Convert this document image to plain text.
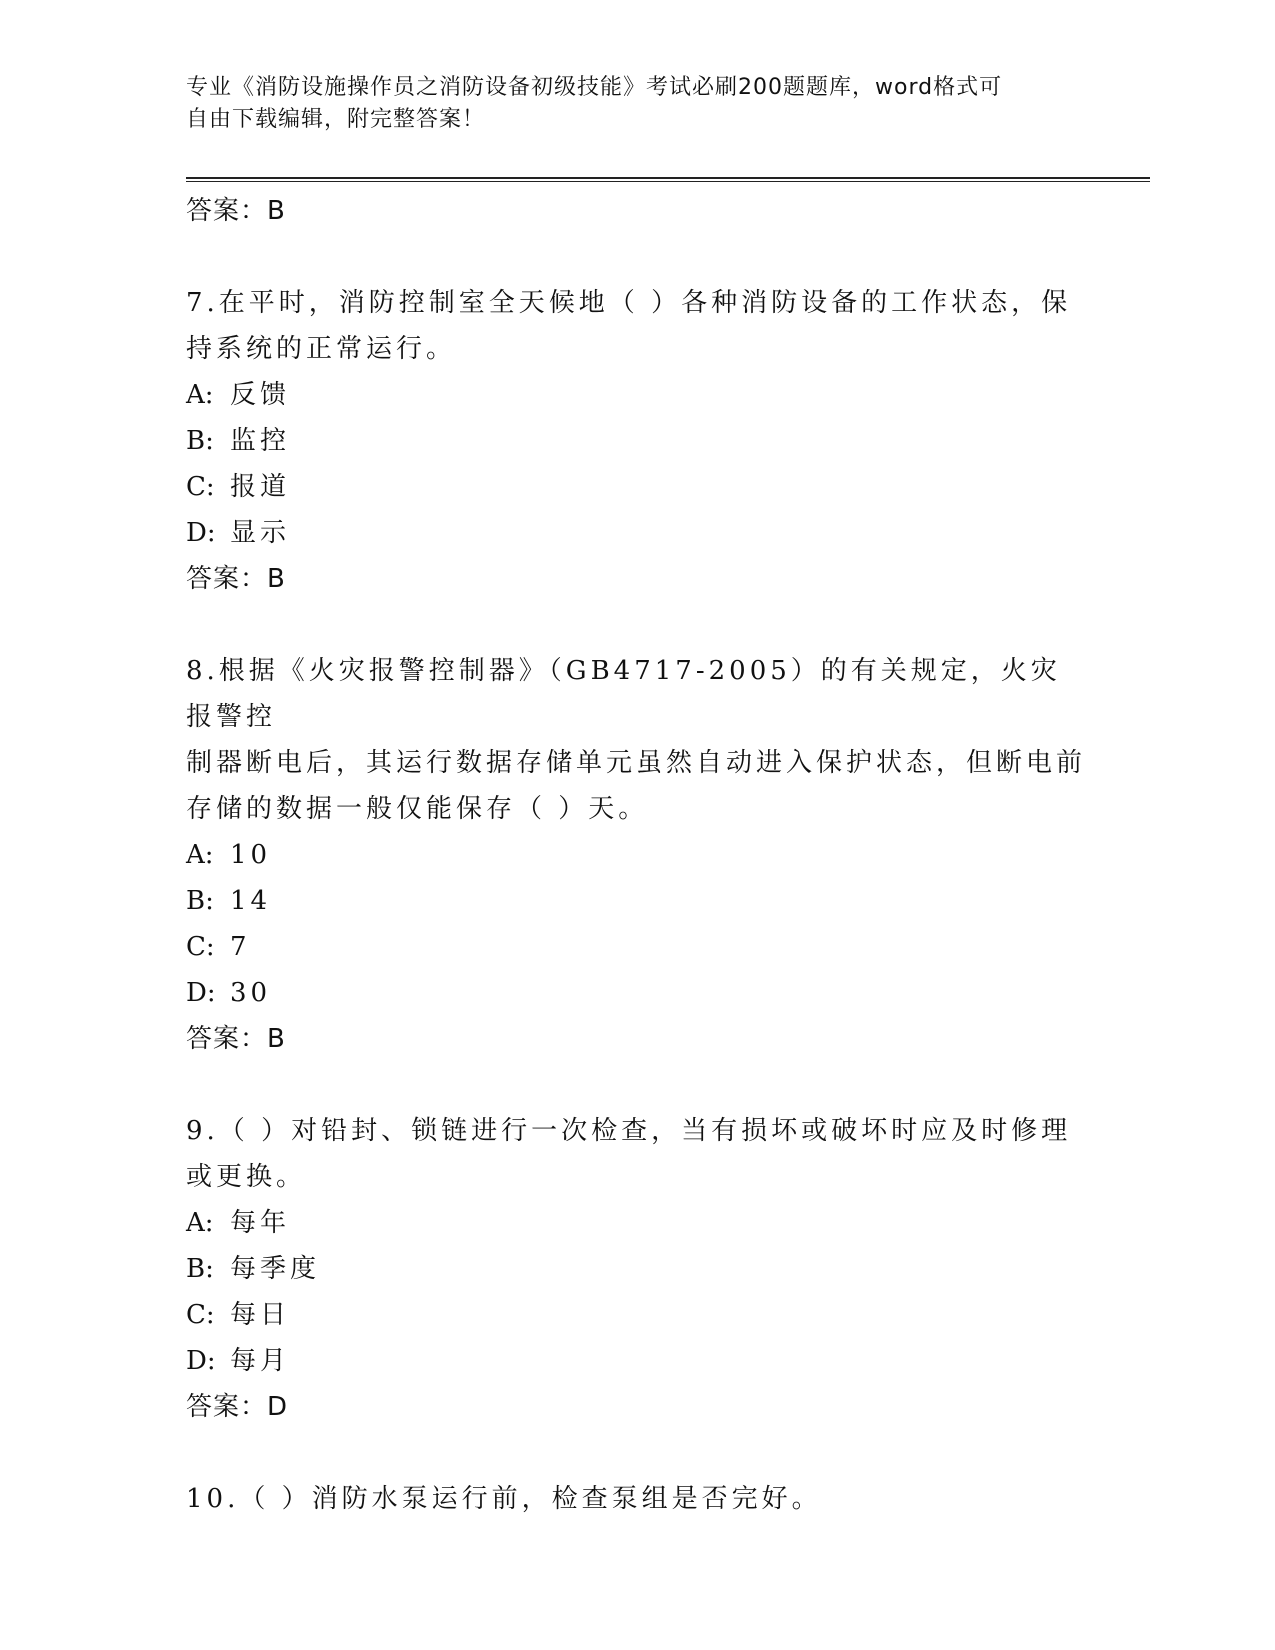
专业《消防设施操作员之消防设备初级技能》考试必刷200题题库，word格式可
自由下载编辑，附完整答案！
答案：B
7.在平时，消防控制室全天候地（ ）各种消防设备的工作状态，保
持系统的正常运行。
A: 反馈
B: 监控
C: 报道
D: 显示
答案：B
8.根据《火灾报警控制器》（GB4717-2005）的有关规定，火灾报警控
制器断电后，其运行数据存储单元虽然自动进入保护状态，但断电前
存储的数据一般仅能保存（ ）天。
A: 10
B: 14
C: 7
D: 30
答案：B
9.（ ）对铅封、锁链进行一次检查，当有损坏或破坏时应及时修理
或更换。
A: 每年
B: 每季度
C: 每日
D: 每月
答案：D
10.（ ）消防水泵运行前，检查泵组是否完好。
